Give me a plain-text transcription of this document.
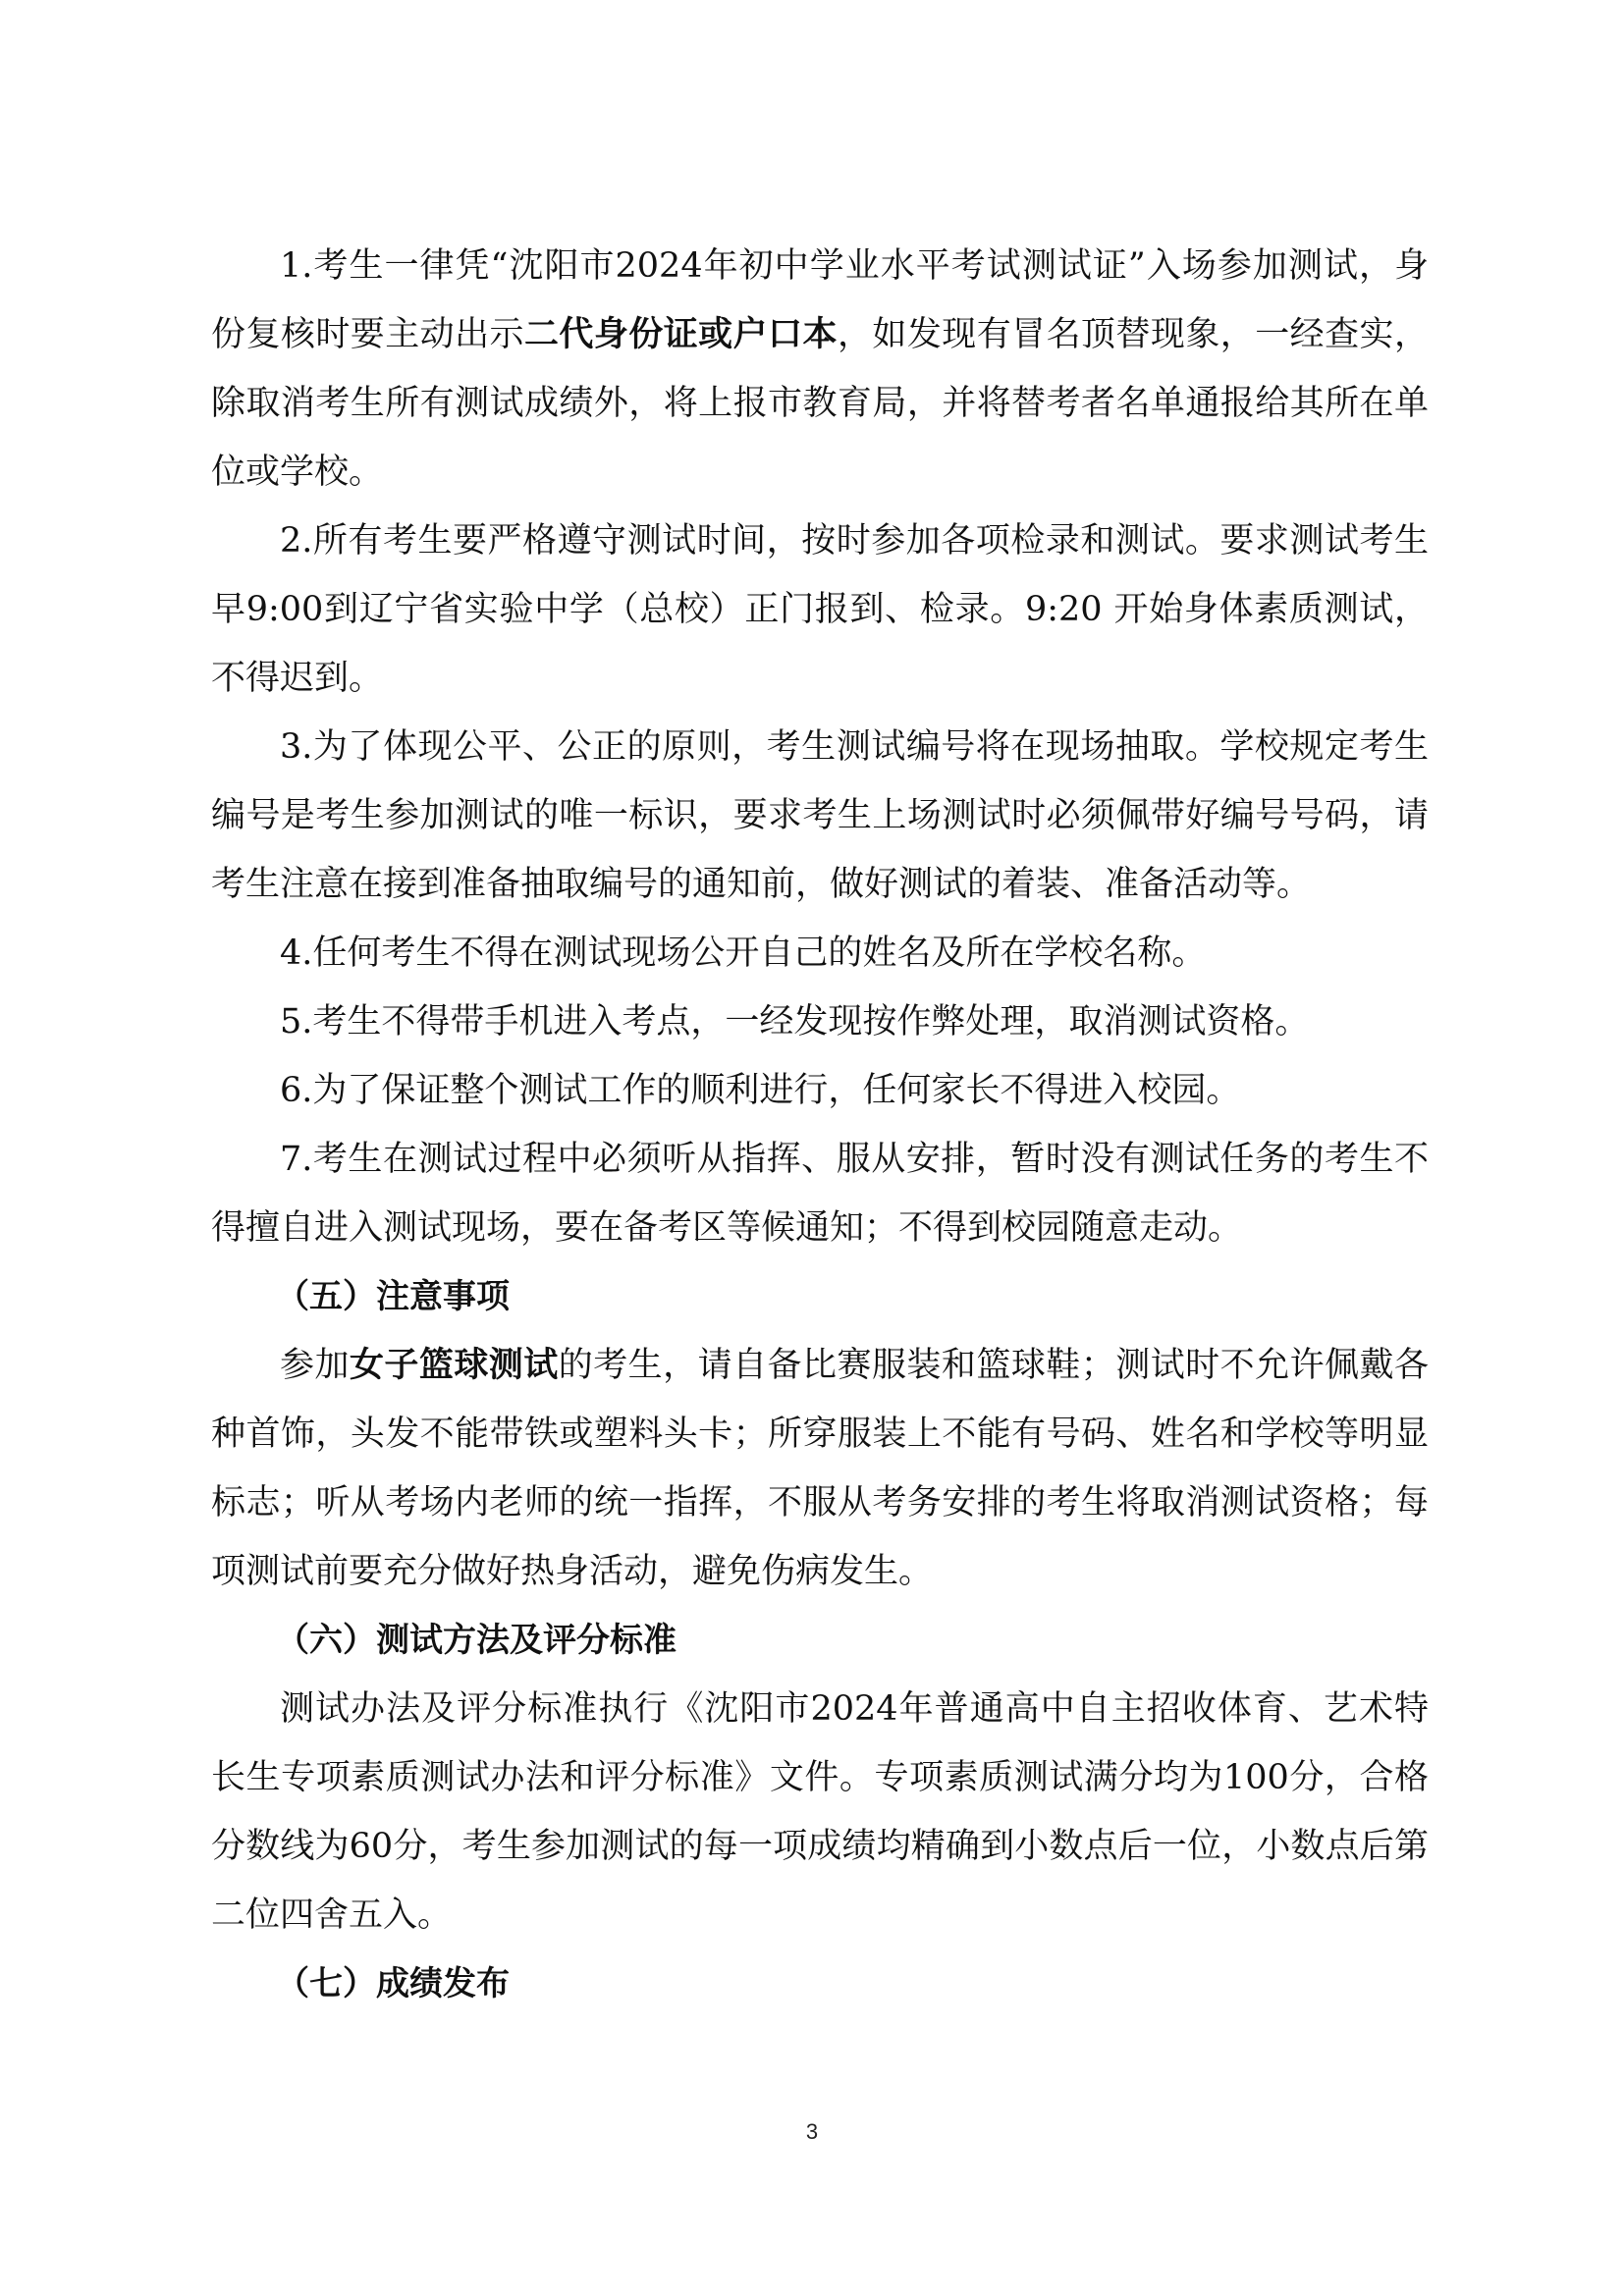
1.考生一律凭“沈阳市2024年初中学业水平考试测试证”入场参加测试，身份复核时要主动出示二代身份证或户口本，如发现有冒名顶替现象，一经查实，除取消考生所有测试成绩外，将上报市教育局，并将替考者名单通报给其所在单位或学校。

2.所有考生要严格遵守测试时间，按时参加各项检录和测试。要求测试考生早9:00到辽宁省实验中学（总校）正门报到、检录。9:20 开始身体素质测试，不得迟到。

3.为了体现公平、公正的原则，考生测试编号将在现场抽取。学校规定考生编号是考生参加测试的唯一标识，要求考生上场测试时必须佩带好编号号码，请考生注意在接到准备抽取编号的通知前，做好测试的着装、准备活动等。

4.任何考生不得在测试现场公开自己的姓名及所在学校名称。

5.考生不得带手机进入考点，一经发现按作弊处理，取消测试资格。

6.为了保证整个测试工作的顺利进行，任何家长不得进入校园。

7.考生在测试过程中必须听从指挥、服从安排，暂时没有测试任务的考生不得擅自进入测试现场，要在备考区等候通知；不得到校园随意走动。

（五）注意事项

参加女子篮球测试的考生，请自备比赛服装和篮球鞋；测试时不允许佩戴各种首饰，头发不能带铁或塑料头卡；所穿服装上不能有号码、姓名和学校等明显标志；听从考场内老师的统一指挥，不服从考务安排的考生将取消测试资格；每项测试前要充分做好热身活动，避免伤病发生。

（六）测试方法及评分标准

测试办法及评分标准执行《沈阳市2024年普通高中自主招收体育、艺术特长生专项素质测试办法和评分标准》文件。专项素质测试满分均为100分，合格分数线为60分，考生参加测试的每一项成绩均精确到小数点后一位，小数点后第二位四舍五入。

（七）成绩发布

3
